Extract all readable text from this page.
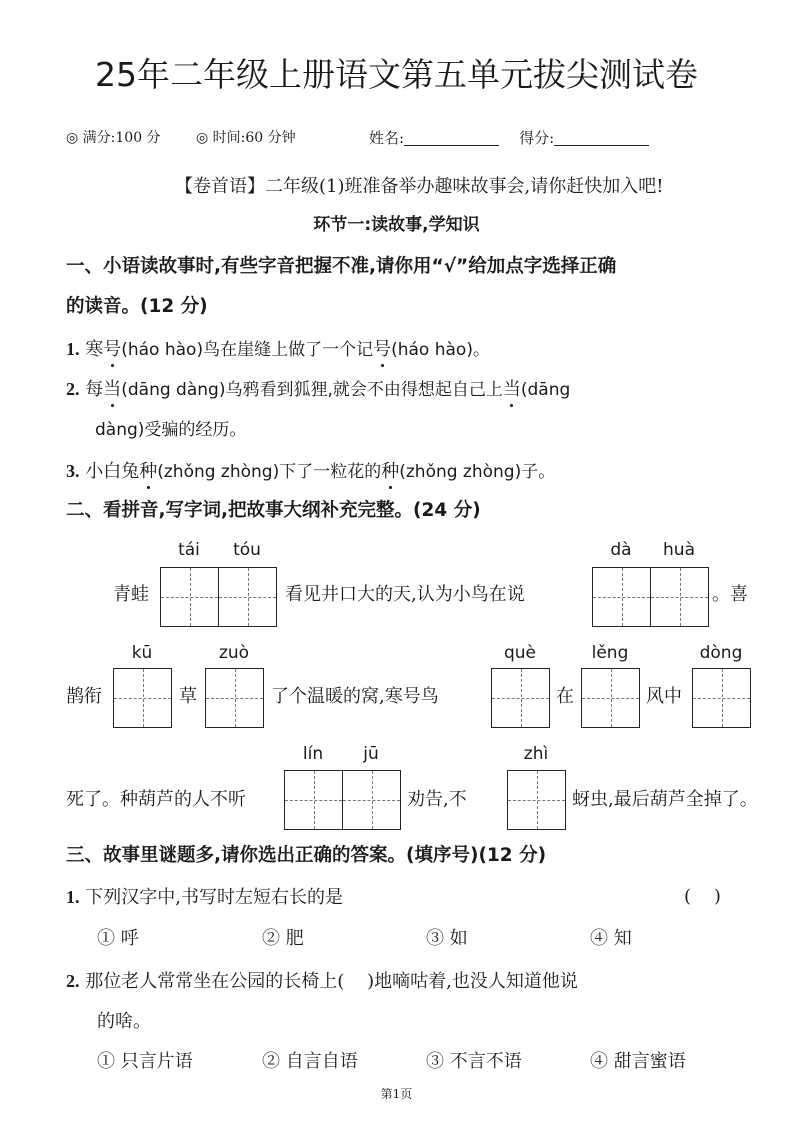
25年二年级上册语文第五单元拔尖测试卷
◎ 满分:100 分	◎ 时间:60 分钟	姓名:	得分:
【卷首语】二年级(1)班准备举办趣味故事会,请你赶快加入吧!
环节一:读故事,学知识
一、小语读故事时,有些字音把握不准,请你用“√”给加点字选择正确
的读音。(12 分)
1. 寒号(háo hào)鸟在崖缝上做了一个记号(háo hào)。
2. 每当(dāng dàng)乌鸦看到狐狸,就会不由得想起自己上当(dāng
dàng)受骗的经历。
3. 小白兔种(zhǒng zhòng)下了一粒花的种(zhǒng zhòng)子。
二、看拼音,写字词,把故事大纲补充完整。(24 分)
青蛙
tái	tóu
看见井口大的天,认为小鸟在说
dà	huà
。喜
鹊衔
kū
草
zuò
了个温暖的窝,寒号鸟
què
在
lěng
风中
dòng
死了。种葫芦的人不听
lín	jū
劝告,不
zhì
蚜虫,最后葫芦全掉了。
三、故事里谜题多,请你选出正确的答案。(填序号)(12 分)
1. 下列汉字中,书写时左短右长的是	(    )
① 呼	② 肥	③ 如	④ 知
2. 那位老人常常坐在公园的长椅上(    )地嘀咕着,也没人知道他说
的啥。
① 只言片语	② 自言自语	③ 不言不语	④ 甜言蜜语
第1页
